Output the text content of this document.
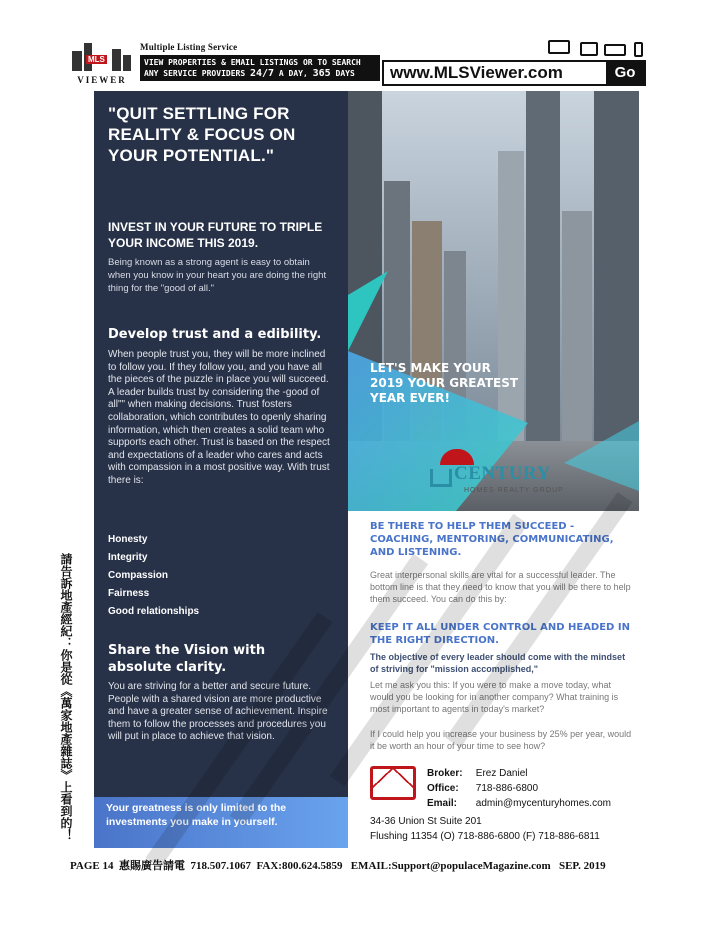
MLS
VIEWER
Multiple Listing Service
VIEW PROPERTIES & EMAIL LISTINGS OR TO SEARCH
ANY SERVICE PROVIDERS 24/7 A DAY, 365 DAYS	www.MLSViewer.com	Go
請告訴地產經紀：你是從《萬家地產雜誌》上看到的！
"QUIT SETTLING FOR REALITY & FOCUS ON YOUR POTENTIAL."
INVEST IN YOUR FUTURE TO TRIPLE YOUR INCOME THIS 2019.
Being known as a strong agent is easy to obtain when you know in your heart you are doing the right thing for the "good of all."
Develop trust and a edibility.
When people trust you, they will be more inclined to follow you. If they follow you, and you have all the pieces of the puzzle in place you will succeed. A leader builds trust by considering the -good of all"" when making decisions. Trust fosters collaboration, which contributes to openly sharing information, which then creates a solid team who supports each other. Trust is based on the respect and expectations of a leader who cares and acts with compassion in a most positive way. With trust there is:
Honesty
Integrity
Compassion
Fairness
Good relationships
Share the Vision with absolute clarity.
You are striving for a better and secure future. People with a shared vision are more productive and have a greater sense of achievement. Inspire them to follow the processes and procedures you will put in place to achieve that vision.
Your greatness is only limited to the investments you make in yourself.
LET'S MAKE YOUR 2019 YOUR GREATEST YEAR EVER!
CENTURY
HOMES REALTY GROUP
BE THERE TO HELP THEM SUCCEED - COACHING, MENTORING, COMMUNICATING, AND LISTENING.
Great interpersonal skills are vital for a successful leader. The bottom line is that they need to know that you will be there to help them succeed. You can do this by:
KEEP IT ALL UNDER CONTROL AND HEADED IN THE RIGHT DIRECTION.
The objective of every leader should come with the mindset of striving for "mission accomplished,"
Let me ask you this: If you were to make a move today, what would you be looking for in another company? What training is most important to agents in today's market?
If I could help you increase your business by 25% per year, would it be worth an hour of your time to see how?
Broker: Erez Daniel
Office: 718-886-6800
Email: admin@mycenturyhomes.com
34-36 Union St Suite 201
Flushing 11354 (O) 718-886-6800 (F) 718-886-6811
PAGE 14 惠賜廣告請電 718.507.1067 FAX:800.624.5859 EMAIL:Support@populaceMagazine.com SEP. 2019
